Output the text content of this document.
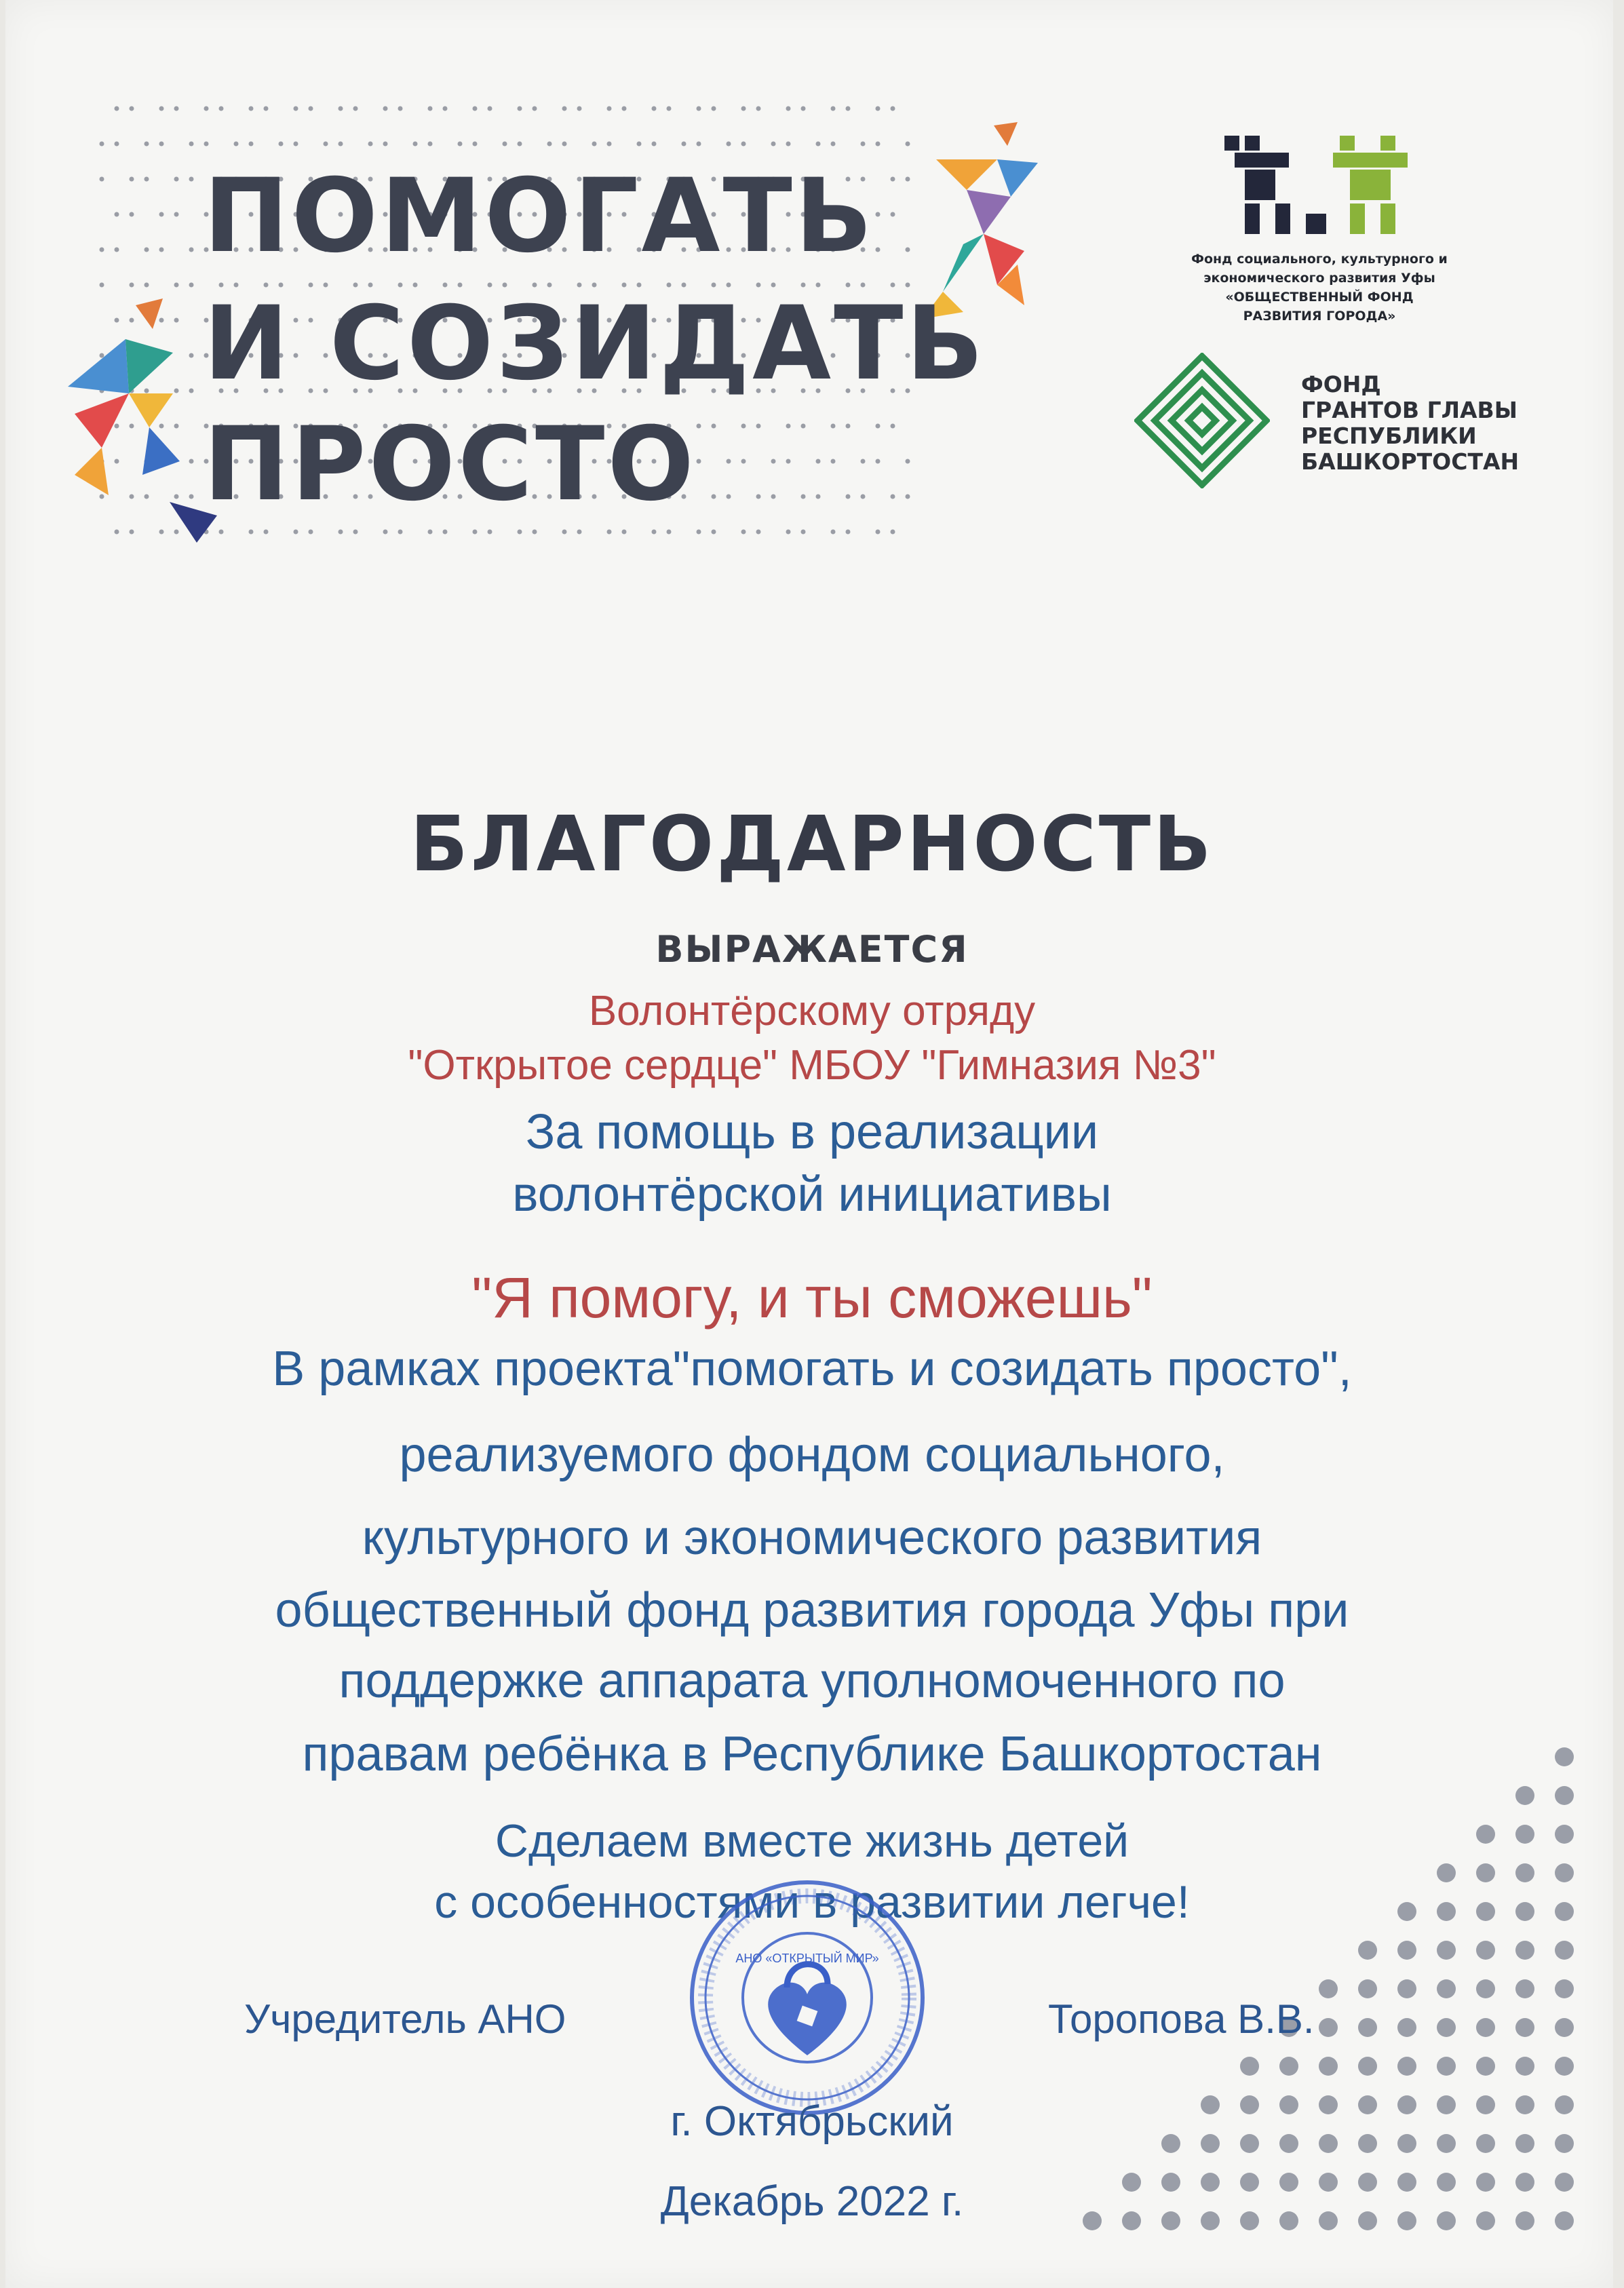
ПОМОГАТЬ
И СОЗИДАТЬ
ПРОСТО
Фонд социального, культурного и
экономического развития Уфы
«ОБЩЕСТВЕННЫЙ ФОНД
РАЗВИТИЯ ГОРОДА»
ФОНД
ГРАНТОВ ГЛАВЫ
РЕСПУБЛИКИ
БАШКОРТОСТАН
БЛАГОДАРНОСТЬ
ВЫРАЖАЕТСЯ
Волонтёрскому отряду
"Открытое сердце" МБОУ "Гимназия №3"
За помощь в реализации
волонтёрской инициативы
"Я помогу, и ты сможешь"
В рамках проекта"помогать и созидать просто",
реализуемого фондом социального,
культурного и экономического развития
общественный фонд развития города Уфы при
поддержке аппарата уполномоченного по
правам ребёнка в Республике Башкортостан
Сделаем вместе жизнь детей
с особенностями в развитии легче!
Учредитель АНО	Торопова В.В.
АНО «ОТКРЫТЫЙ МИР»
г. Октябрьский
Декабрь 2022 г.
